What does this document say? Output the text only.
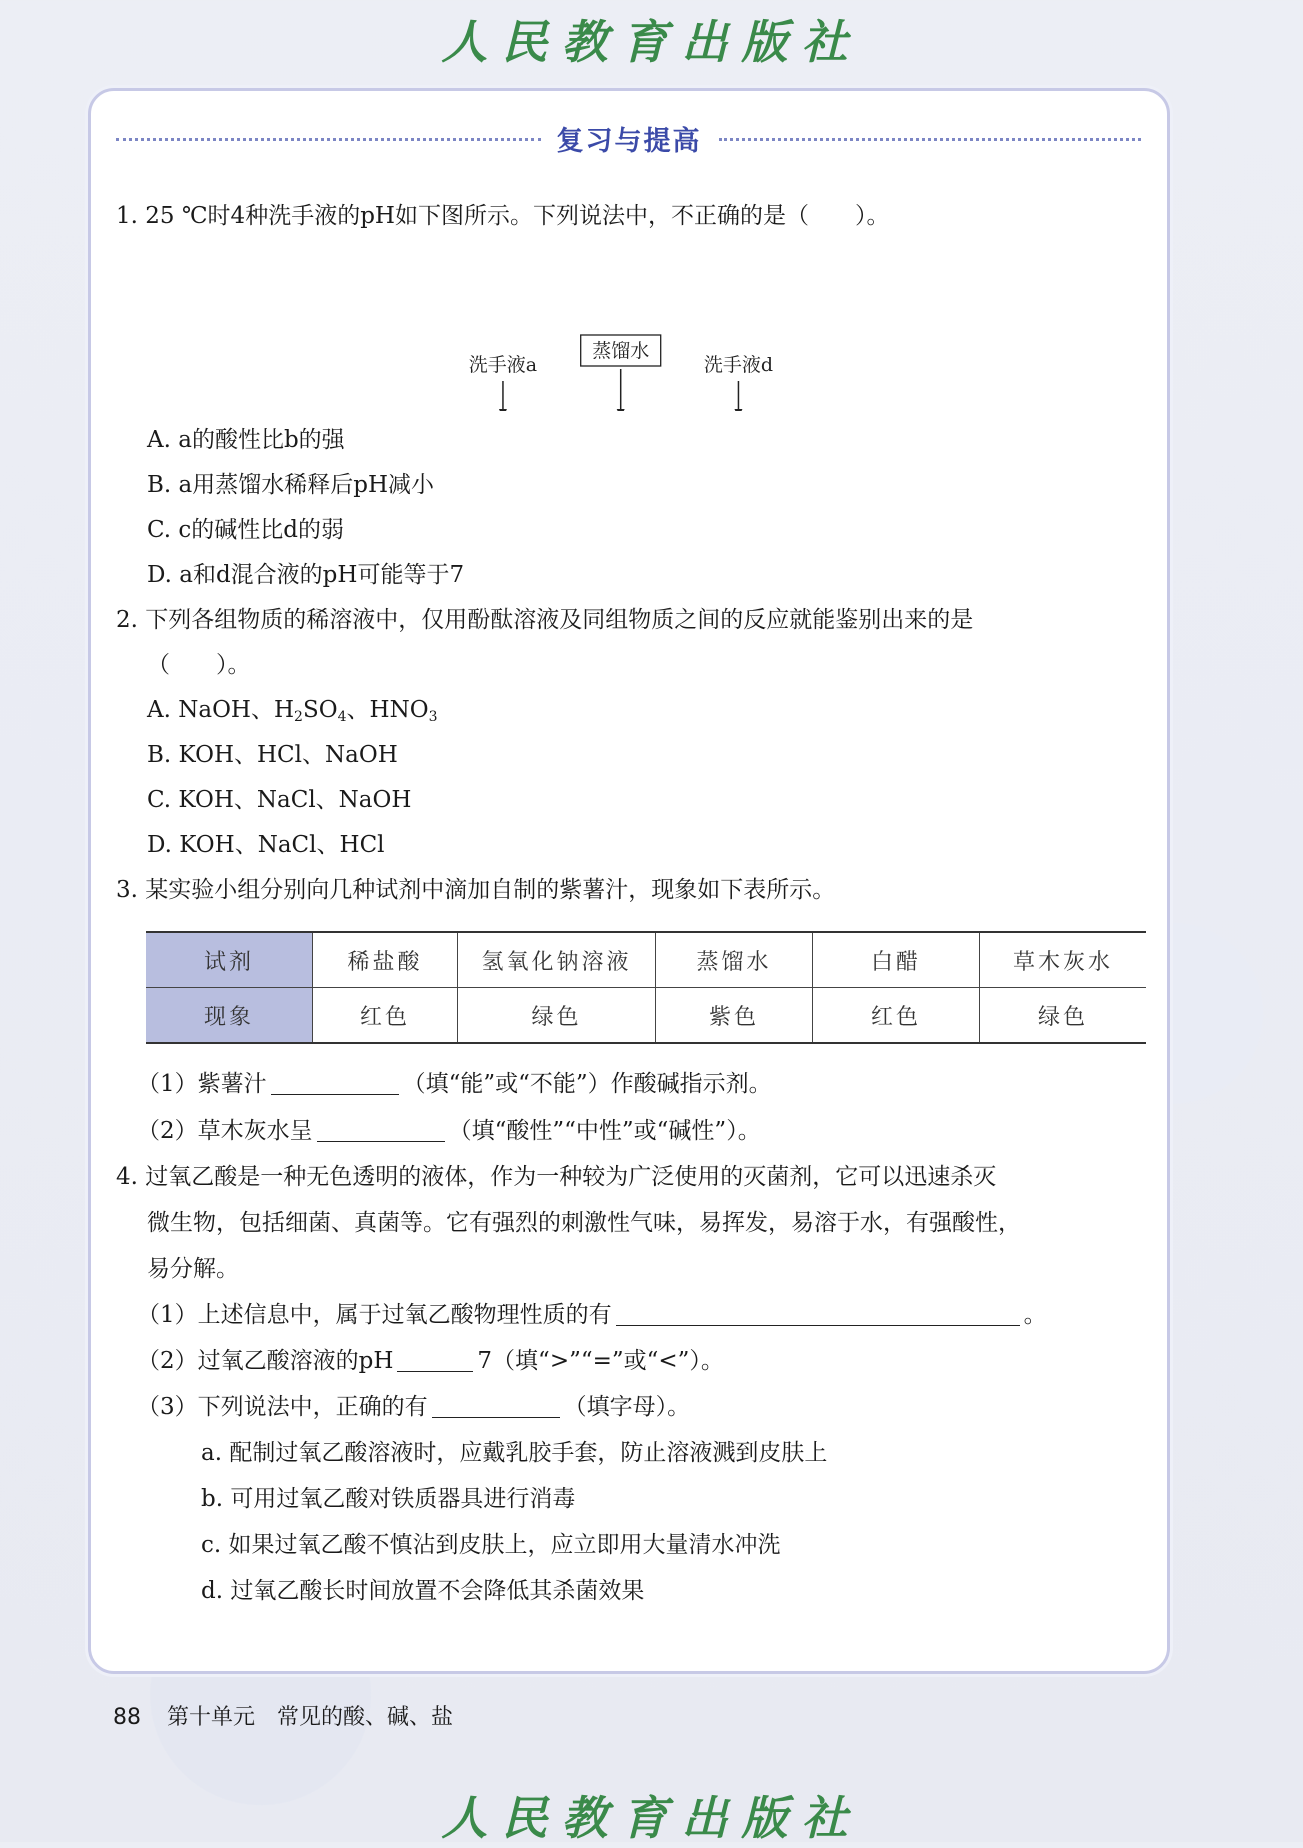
人民教育出版社
复习与提高
1. 25 ℃时4种洗手液的pH如下图所示。下列说法中，不正确的是（　　）。
洗手液a
蒸馏水
洗手液d
A. a的酸性比b的强
B. a用蒸馏水稀释后pH减小
C. c的碱性比d的弱
D. a和d混合液的pH可能等于7
2. 下列各组物质的稀溶液中，仅用酚酞溶液及同组物质之间的反应就能鉴别出来的是
（　　）。
A. NaOH、$H_2SO_4$、$HNO_3$
B. KOH、HCl、NaOH
C. KOH、NaCl、NaOH
D. KOH、NaCl、HCl
3. 某实验小组分别向几种试剂中滴加自制的紫薯汁，现象如下表所示。
试剂	稀盐酸	氢氧化钠溶液	蒸馏水	白醋	草木灰水
现象	红色	绿色	紫色	红色	绿色
（1）紫薯汁	（填“能”或“不能”）作酸碱指示剂。
（2）草木灰水呈	（填“酸性”“中性”或“碱性”）。
4. 过氧乙酸是一种无色透明的液体，作为一种较为广泛使用的灭菌剂，它可以迅速杀灭
微生物，包括细菌、真菌等。它有强烈的刺激性气味，易挥发，易溶于水，有强酸性，
易分解。
（1）上述信息中，属于过氧乙酸物理性质的有	。
（2）过氧乙酸溶液的pH	7（填“>”“=”或“<”）。
（3）下列说法中，正确的有	（填字母）。
a. 配制过氧乙酸溶液时，应戴乳胶手套，防止溶液溅到皮肤上
b. 可用过氧乙酸对铁质器具进行消毒
c. 如果过氧乙酸不慎沾到皮肤上，应立即用大量清水冲洗
d. 过氧乙酸长时间放置不会降低其杀菌效果
88 第十单元　常见的酸、碱、盐
人民教育出版社
